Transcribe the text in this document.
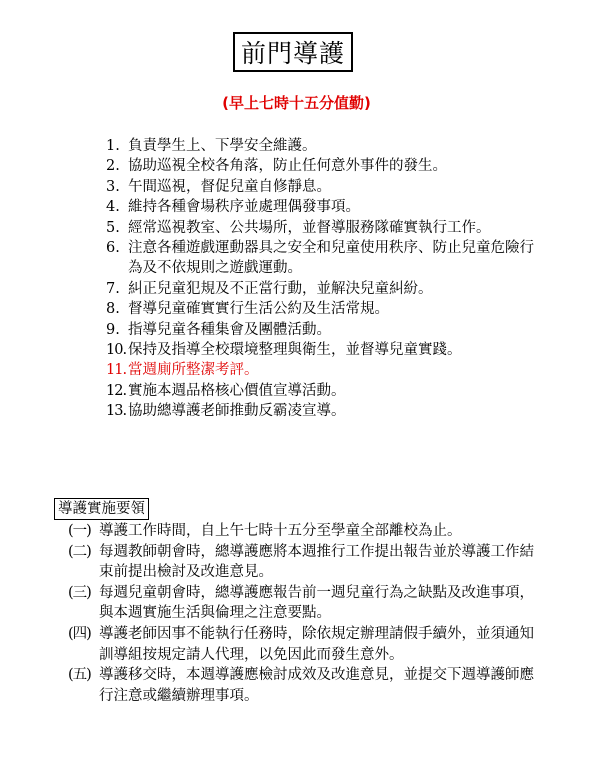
前門導護
(早上七時十五分值勤)
1. 負責學生上、下學安全維護。
2. 協助巡視全校各角落，防止任何意外事件的發生。
3. 午間巡視，督促兒童自修靜息。
4. 維持各種會場秩序並處理偶發事項。
5. 經常巡視教室、公共場所，並督導服務隊確實執行工作。
6. 注意各種遊戲運動器具之安全和兒童使用秩序、防止兒童危險行為及不依規則之遊戲運動。
7. 糾正兒童犯規及不正當行動，並解決兒童糾紛。
8. 督導兒童確實實行生活公約及生活常規。
9. 指導兒童各種集會及團體活動。
10. 保持及指導全校環境整理與衛生，並督導兒童實踐。
11. 當週廁所整潔考評。
12. 實施本週品格核心價值宣導活動。
13. 協助總導護老師推動反霸凌宣導。
導護實施要領
(一) 導護工作時間，自上午七時十五分至學童全部離校為止。
(二) 每週教師朝會時，總導護應將本週推行工作提出報告並於導護工作結束前提出檢討及改進意見。
(三) 每週兒童朝會時，總導護應報告前一週兒童行為之缺點及改進事項，與本週實施生活與倫理之注意要點。
(四) 導護老師因事不能執行任務時，除依規定辦理請假手續外，並須通知訓導組按規定請人代理，以免因此而發生意外。
(五) 導護移交時，本週導護應檢討成效及改進意見，並提交下週導護師應行注意或繼續辦理事項。
